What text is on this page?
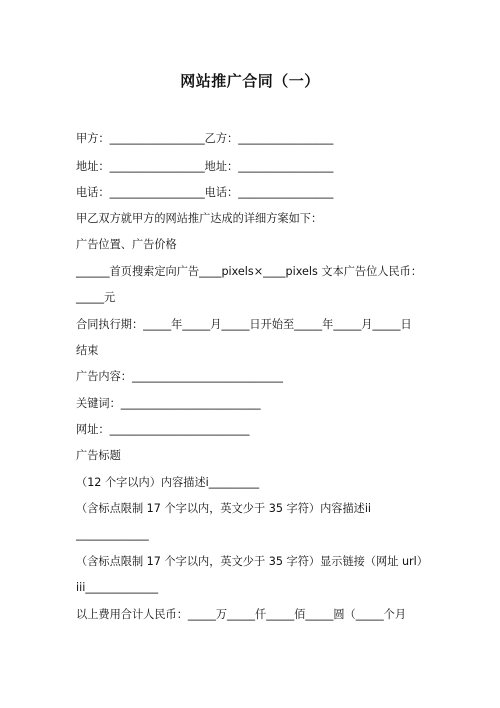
网站推广合同（一）
甲方：_________________乙方：_________________
地址：_________________地址：_________________
电话：_________________电话：_________________
甲乙双方就甲方的网站推广达成的详细方案如下：
广告位置、广告价格
______首页搜索定向广告____pixels×____pixels 文本广告位人民币：
_____元
合同执行期：_____年_____月_____日开始至_____年_____月_____日
结束
广告内容：___________________________
关键词：_________________________
网址：_________________________
广告标题
（12 个字以内）内容描述i_________
（含标点限制 17 个字以内，英文少于 35 字符）内容描述ii
_____________
（含标点限制 17 个字以内，英文少于 35 字符）显示链接（网址 url）
iii_____________
以上费用合计人民币：_____万_____仟_____佰_____圆（_____个月
